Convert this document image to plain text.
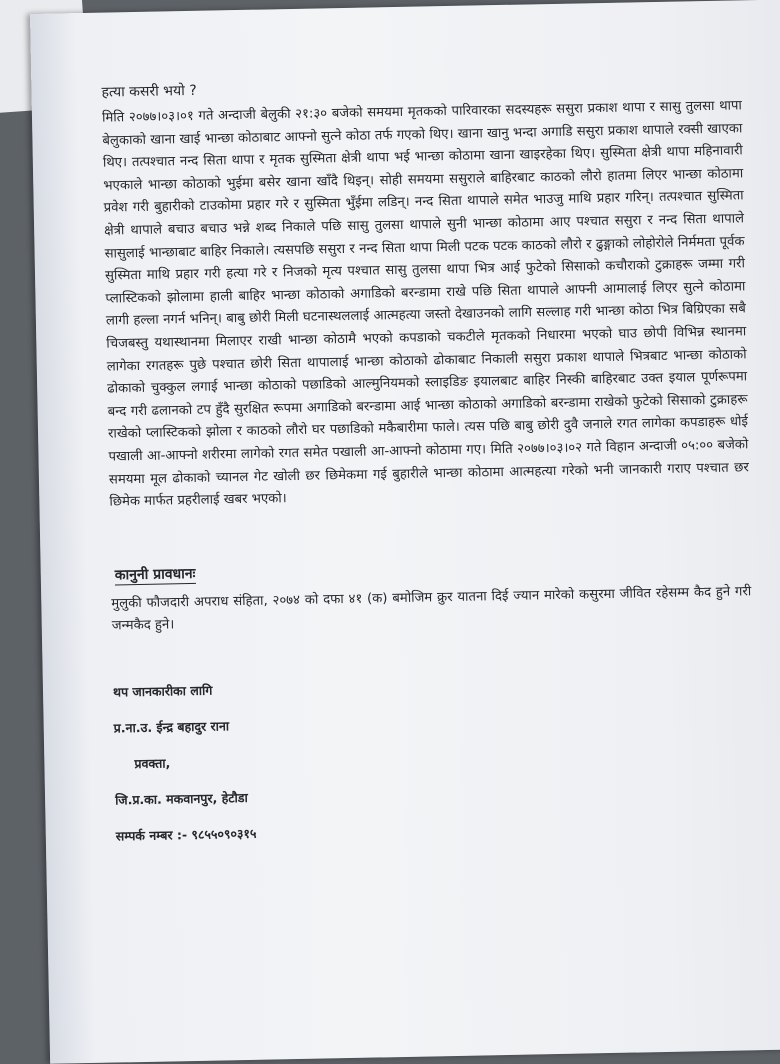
हत्या कसरी भयो ?

मिति २०७७।०३।०१ गते अन्दाजी बेलुकी २१:३० बजेको समयमा मृतकको पारिवारका सदस्यहरू ससुरा प्रकाश थापा र सासु तुलसा थापा बेलुकाको खाना खाई भान्छा कोठाबाट आफ्नो सुत्ने कोठा तर्फ गएको थिए। खाना खानु भन्दा अगाडि ससुरा प्रकाश थापाले रक्सी खाएका थिए। तत्पश्चात नन्द सिता थापा र मृतक सुस्मिता क्षेत्री थापा भई भान्छा कोठामा खाना खाइरहेका थिए। सुस्मिता क्षेत्री थापा महिनावारी भएकाले भान्छा कोठाको भुईमा बसेर खाना खाँदै थिइन्। सोही समयमा ससुराले बाहिरबाट काठको लौरो हातमा लिएर भान्छा कोठामा प्रवेश गरी बुहारीको टाउकोमा प्रहार गरे र सुस्मिता भुँईमा लडिन्। नन्द सिता थापाले समेत भाउजु माथि प्रहार गरिन्। तत्पश्चात सुस्मिता क्षेत्री थापाले बचाउ बचाउ भन्ने शब्द निकाले पछि सासु तुलसा थापाले सुनी भान्छा कोठामा आए पश्चात ससुरा र नन्द सिता थापाले सासुलाई भान्छाबाट बाहिर निकाले। त्यसपछि ससुरा र नन्द सिता थापा मिली पटक पटक काठको लौरो र ढुङ्गाको लोहोरोले निर्ममता पूर्वक सुस्मिता माथि प्रहार गरी हत्या गरे र निजको मृत्य पश्चात सासु तुलसा थापा भित्र आई फुटेको सिसाको कचौराको टुक्राहरू जम्मा गरी प्लास्टिकको झोलामा हाली बाहिर भान्छा कोठाको अगाडिको बरन्डामा राखे पछि सिता थापाले आफ्नी आमालाई लिएर सुत्ने कोठामा लागी हल्ला नगर्न भनिन्। बाबु छोरी मिली घटनास्थललाई आत्महत्या जस्तो देखाउनको लागि सल्लाह गरी भान्छा कोठा भित्र बिग्रिएका सबै चिजबस्तु यथास्थानमा मिलाएर राखी भान्छा कोठामै भएको कपडाको चकटीले मृतकको निधारमा भएको घाउ छोपी विभिन्न स्थानमा लागेका रगतहरू पुछे पश्चात छोरी सिता थापालाई भान्छा कोठाको ढोकाबाट निकाली ससुरा प्रकाश थापाले भित्रबाट भान्छा कोठाको ढोकाको चुक्कुल लगाई भान्छा कोठाको पछाडिको आल्मुनियमको स्लाइडिङ इयालबाट बाहिर निस्की बाहिरबाट उक्त इयाल पूर्णरूपमा बन्द गरी ढलानको टप हुँदै सुरक्षित रूपमा अगाडिको बरन्डामा आई भान्छा कोठाको अगाडिको बरन्डामा राखेको फुटेको सिसाको टुक्राहरू राखेको प्लास्टिकको झोला र काठको लौरो घर पछाडिको मकैबारीमा फाले। त्यस पछि बाबु छोरी दुवै जनाले रगत लागेका कपडाहरू धोई पखाली आ-आफ्नो शरीरमा लागेको रगत समेत पखाली आ-आफ्नो कोठामा गए। मिति २०७७।०३।०२ गते विहान अन्दाजी ०५:०० बजेको समयमा मूल ढोकाको च्यानल गेट खोली छर छिमेकमा गई बुहारीले भान्छा कोठामा आत्महत्या गरेको भनी जानकारी गराए पश्चात छर छिमेक मार्फत प्रहरीलाई खबर भएको।

कानुनी प्रावधानः

मुलुकी फौजदारी अपराध संहिता, २०७४ को दफा ४१ (क) बमोजिम क्रुर यातना दिई ज्यान मारेको कसुरमा जीवित रहेसम्म कैद हुने गरी जन्मकैद हुने।

थप जानकारीका लागि
प्र.ना.उ. ईन्द्र बहादुर राना
प्रवक्ता,
जि.प्र.का. मकवानपुर, हेटौडा
सम्पर्क नम्बर :- ९८५५०९०३१५
